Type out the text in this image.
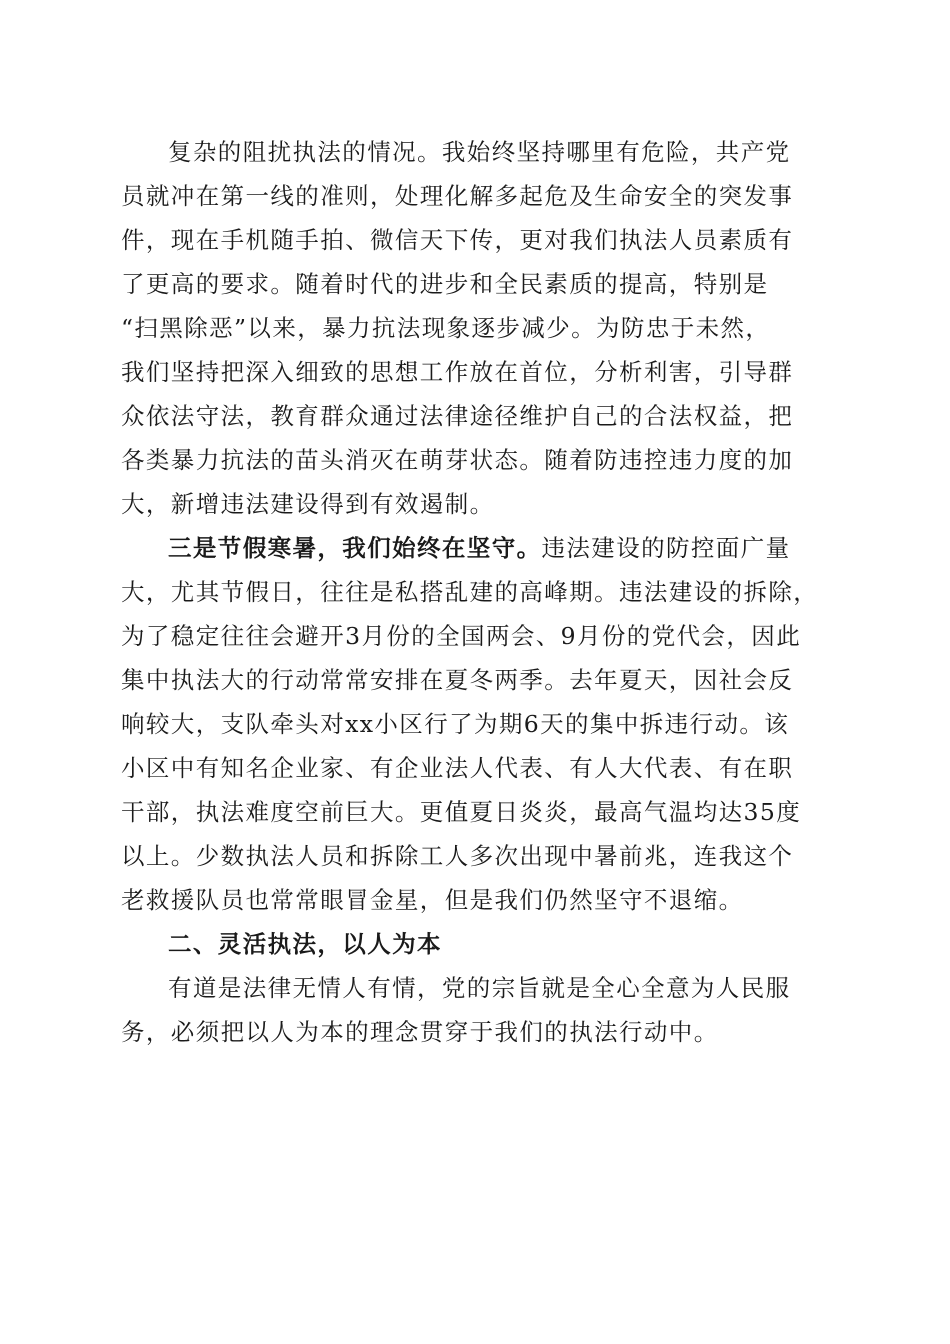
复杂的阻扰执法的情况。我始终坚持哪里有危险，共产党
员就冲在第一线的准则，处理化解多起危及生命安全的突发事
件，现在手机随手拍、微信天下传，更对我们执法人员素质有
了更高的要求。随着时代的进步和全民素质的提高，特别是
“扫黑除恶”以来，暴力抗法现象逐步减少。为防忠于未然，
我们坚持把深入细致的思想工作放在首位，分析利害，引导群
众依法守法，教育群众通过法律途径维护自己的合法权益，把
各类暴力抗法的苗头消灭在萌芽状态。随着防违控违力度的加
大，新增违法建设得到有效遏制。
三是节假寒暑，我们始终在坚守。违法建设的防控面广量
大，尤其节假日，往往是私搭乱建的高峰期。违法建设的拆除，
为了稳定往往会避开3月份的全国两会、9月份的党代会，因此
集中执法大的行动常常安排在夏冬两季。去年夏天，因社会反
响较大，支队牵头对xx小区行了为期6天的集中拆违行动。该
小区中有知名企业家、有企业法人代表、有人大代表、有在职
干部，执法难度空前巨大。更值夏日炎炎，最高气温均达35度
以上。少数执法人员和拆除工人多次出现中暑前兆，连我这个
老救援队员也常常眼冒金星，但是我们仍然坚守不退缩。
二、灵活执法，以人为本
有道是法律无情人有情，党的宗旨就是全心全意为人民服
务，必须把以人为本的理念贯穿于我们的执法行动中。
